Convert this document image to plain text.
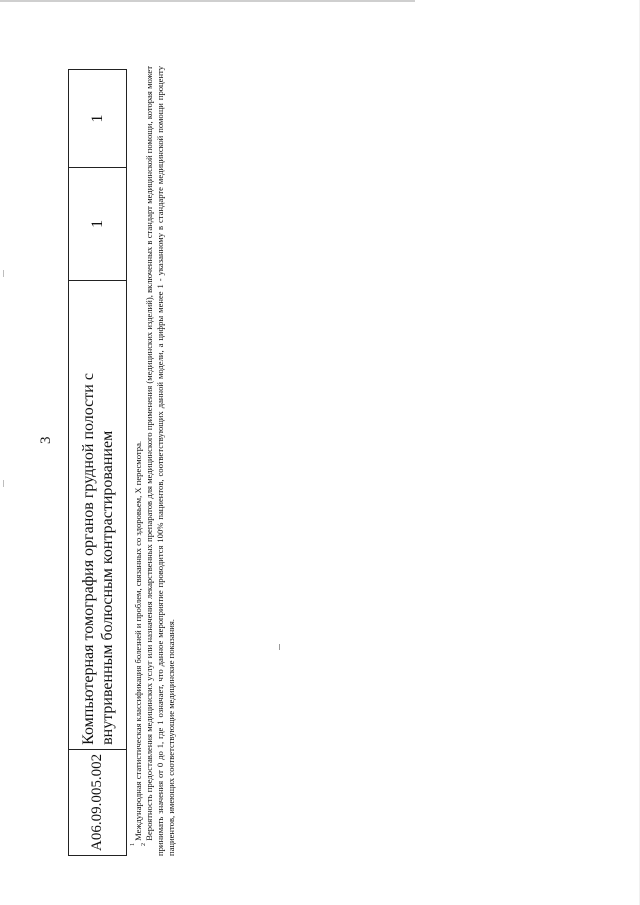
3
A06.09.005.002	Компьютерная томография органов грудной полости с внутривенным болюсным контрастированием	1	1
$^1$ Международная статистическая классификация болезней и проблем, связанных со здоровьем, X пересмотра.
$^2$ Вероятность предоставления медицинских услуг или назначения лекарственных препаратов для медицинского применения (медицинских изделий), включенных в стандарт медицинской помощи, которая может принимать значения от 0 до 1, где 1 означает, что данное мероприятие проводится 100% пациентов, соответствующих данной модели, а цифры менее 1 - указанному в стандарте медицинской помощи проценту пациентов, имеющих соответствующие медицинские показания.
